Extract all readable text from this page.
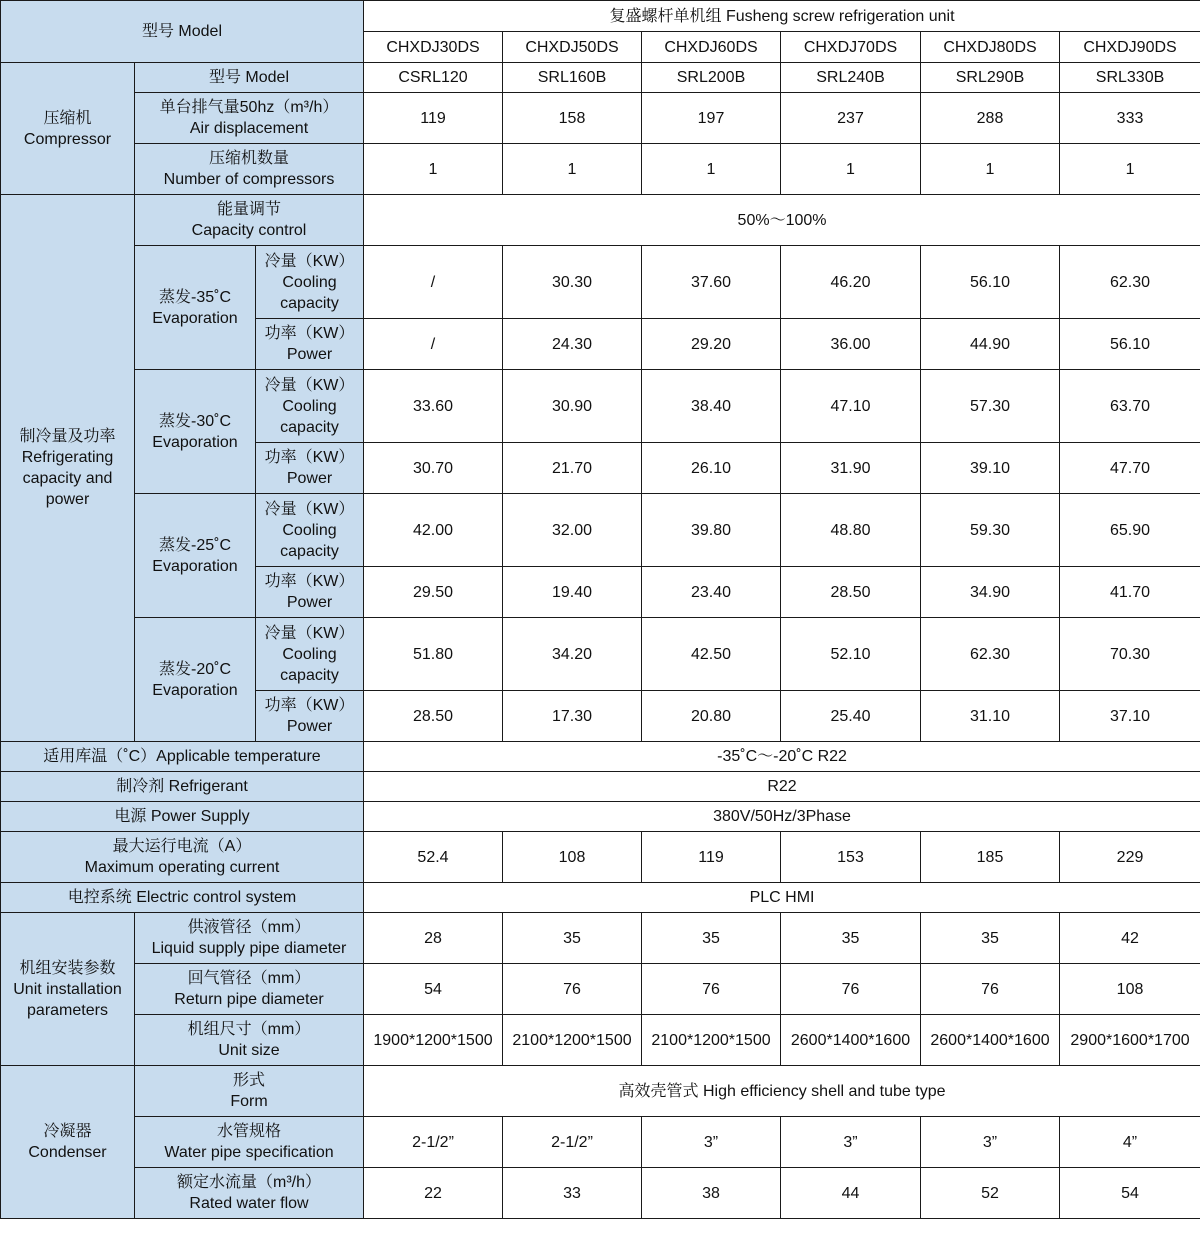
型号 Model			复盛螺杆单机组 Fusheng screw refrigeration unit					
			CHXDJ30DS	CHXDJ50DS	CHXDJ60DS	CHXDJ70DS	CHXDJ80DS	CHXDJ90DS

压缩机
Compressor	型号 Model		CSRL120	SRL160B	SRL200B	SRL240B	SRL290B	SRL330B

	单台排气量50hz（m³/h）
Air displacement		119	158	197	237	288	333

	压缩机数量
Number of compressors		1	1	1	1	1	1

制冷量及功率
Refrigerating
capacity and
power	能量调节
Capacity control		50%～100%					

	蒸发-35˚C
Evaporation	冷量（KW）
Cooling
capacity	/	30.30	37.60	46.20	56.10	62.30

		功率（KW）
Power	/	24.30	29.20	36.00	44.90	56.10

	蒸发-30˚C
Evaporation	冷量（KW）
Cooling
capacity	33.60	30.90	38.40	47.10	57.30	63.70

		功率（KW）
Power	30.70	21.70	26.10	31.90	39.10	47.70

	蒸发-25˚C
Evaporation	冷量（KW）
Cooling
capacity	42.00	32.00	39.80	48.80	59.30	65.90

		功率（KW）
Power	29.50	19.40	23.40	28.50	34.90	41.70

	蒸发-20˚C
Evaporation	冷量（KW）
Cooling
capacity	51.80	34.20	42.50	52.10	62.30	70.30

		功率（KW）
Power	28.50	17.30	20.80	25.40	31.10	37.10
适用库温（˚C）Applicable temperature			-35˚C～-20˚C R22					
制冷剂 Refrigerant			R22					
电源 Power Supply			380V/50Hz/3Phase					

最大运行电流（A）
Maximum operating current			52.4	108	119	153	185	229
电控系统 Electric control system			PLC HMI					

机组安装参数
Unit installation
parameters	供液管径（mm）
Liquid supply pipe diameter		28	35	35	35	35	42

	回气管径（mm）
Return pipe diameter		54	76	76	76	76	108

	机组尺寸（mm）
Unit size		1900*1200*1500	2100*1200*1500	2100*1200*1500	2600*1400*1600	2600*1400*1600	2900*1600*1700

冷凝器
Condenser	形式
Form		高效壳管式 High efficiency shell and tube type					

	水管规格
Water pipe specification		2-1/2”	2-1/2”	3”	3”	3”	4”

	额定水流量（m³/h）
Rated water flow		22	33	38	44	52	54
